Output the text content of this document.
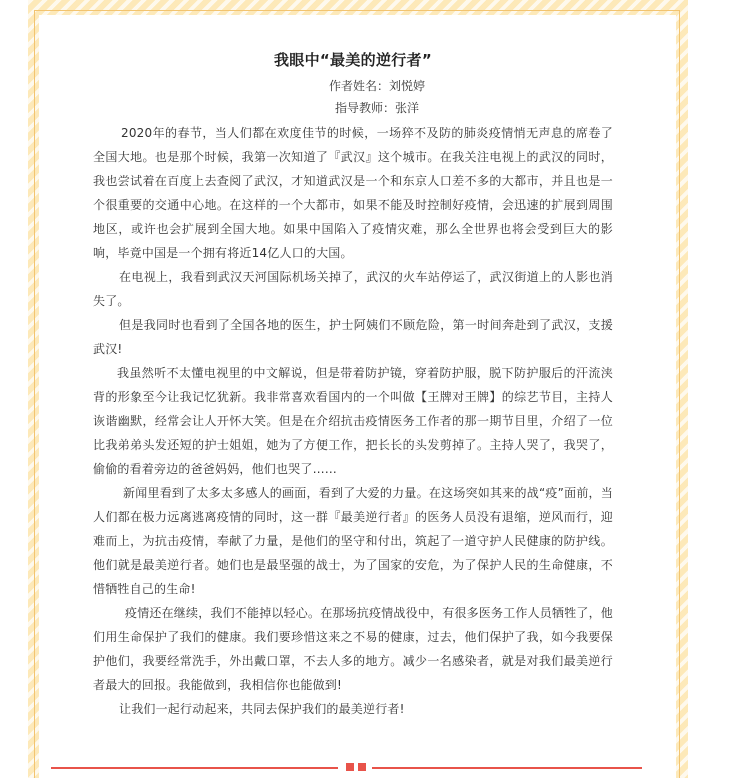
我眼中“最美的逆行者”
作者姓名：刘悦婷
指导教师：张洋

2020年的春节，当人们都在欢度佳节的时候，一场猝不及防的肺炎疫情悄无声息的席卷了全国大地。也是那个时候，我第一次知道了『武汉』这个城市。在我关注电视上的武汉的同时，我也尝试着在百度上去查阅了武汉，才知道武汉是一个和东京人口差不多的大都市，并且也是一个很重要的交通中心地。在这样的一个大都市，如果不能及时控制好疫情，会迅速的扩展到周围地区，或许也会扩展到全国大地。如果中国陷入了疫情灾难，那么全世界也将会受到巨大的影响，毕竟中国是一个拥有将近14亿人口的大国。

在电视上，我看到武汉天河国际机场关掉了，武汉的火车站停运了，武汉街道上的人影也消失了。

但是我同时也看到了全国各地的医生，护士阿姨们不顾危险，第一时间奔赴到了武汉，支援武汉!

我虽然听不太懂电视里的中文解说，但是带着防护镜，穿着防护服，脱下防护服后的汗流浃背的形象至今让我记忆犹新。我非常喜欢看国内的一个叫做【王牌对王牌】的综艺节目，主持人诙谐幽默，经常会让人开怀大笑。但是在介绍抗击疫情医务工作者的那一期节目里，介绍了一位比我弟弟头发还短的护士姐姐，她为了方便工作，把长长的头发剪掉了。主持人哭了，我哭了，偷偷的看着旁边的爸爸妈妈，他们也哭了……

新闻里看到了太多太多感人的画面，看到了大爱的力量。在这场突如其来的战“疫”面前，当人们都在极力远离逃离疫情的同时，这一群『最美逆行者』的医务人员没有退缩，逆风而行，迎难而上，为抗击疫情，奉献了力量，是他们的坚守和付出，筑起了一道守护人民健康的防护线。他们就是最美逆行者。她们也是最坚强的战士，为了国家的安危，为了保护人民的生命健康，不惜牺牲自己的生命!

疫情还在继续，我们不能掉以轻心。在那场抗疫情战役中，有很多医务工作人员牺牲了，他们用生命保护了我们的健康。我们要珍惜这来之不易的健康，过去，他们保护了我，如今我要保护他们，我要经常洗手，外出戴口罩，不去人多的地方。减少一名感染者，就是对我们最美逆行者最大的回报。我能做到，我相信你也能做到!

让我们一起行动起来，共同去保护我们的最美逆行者!
